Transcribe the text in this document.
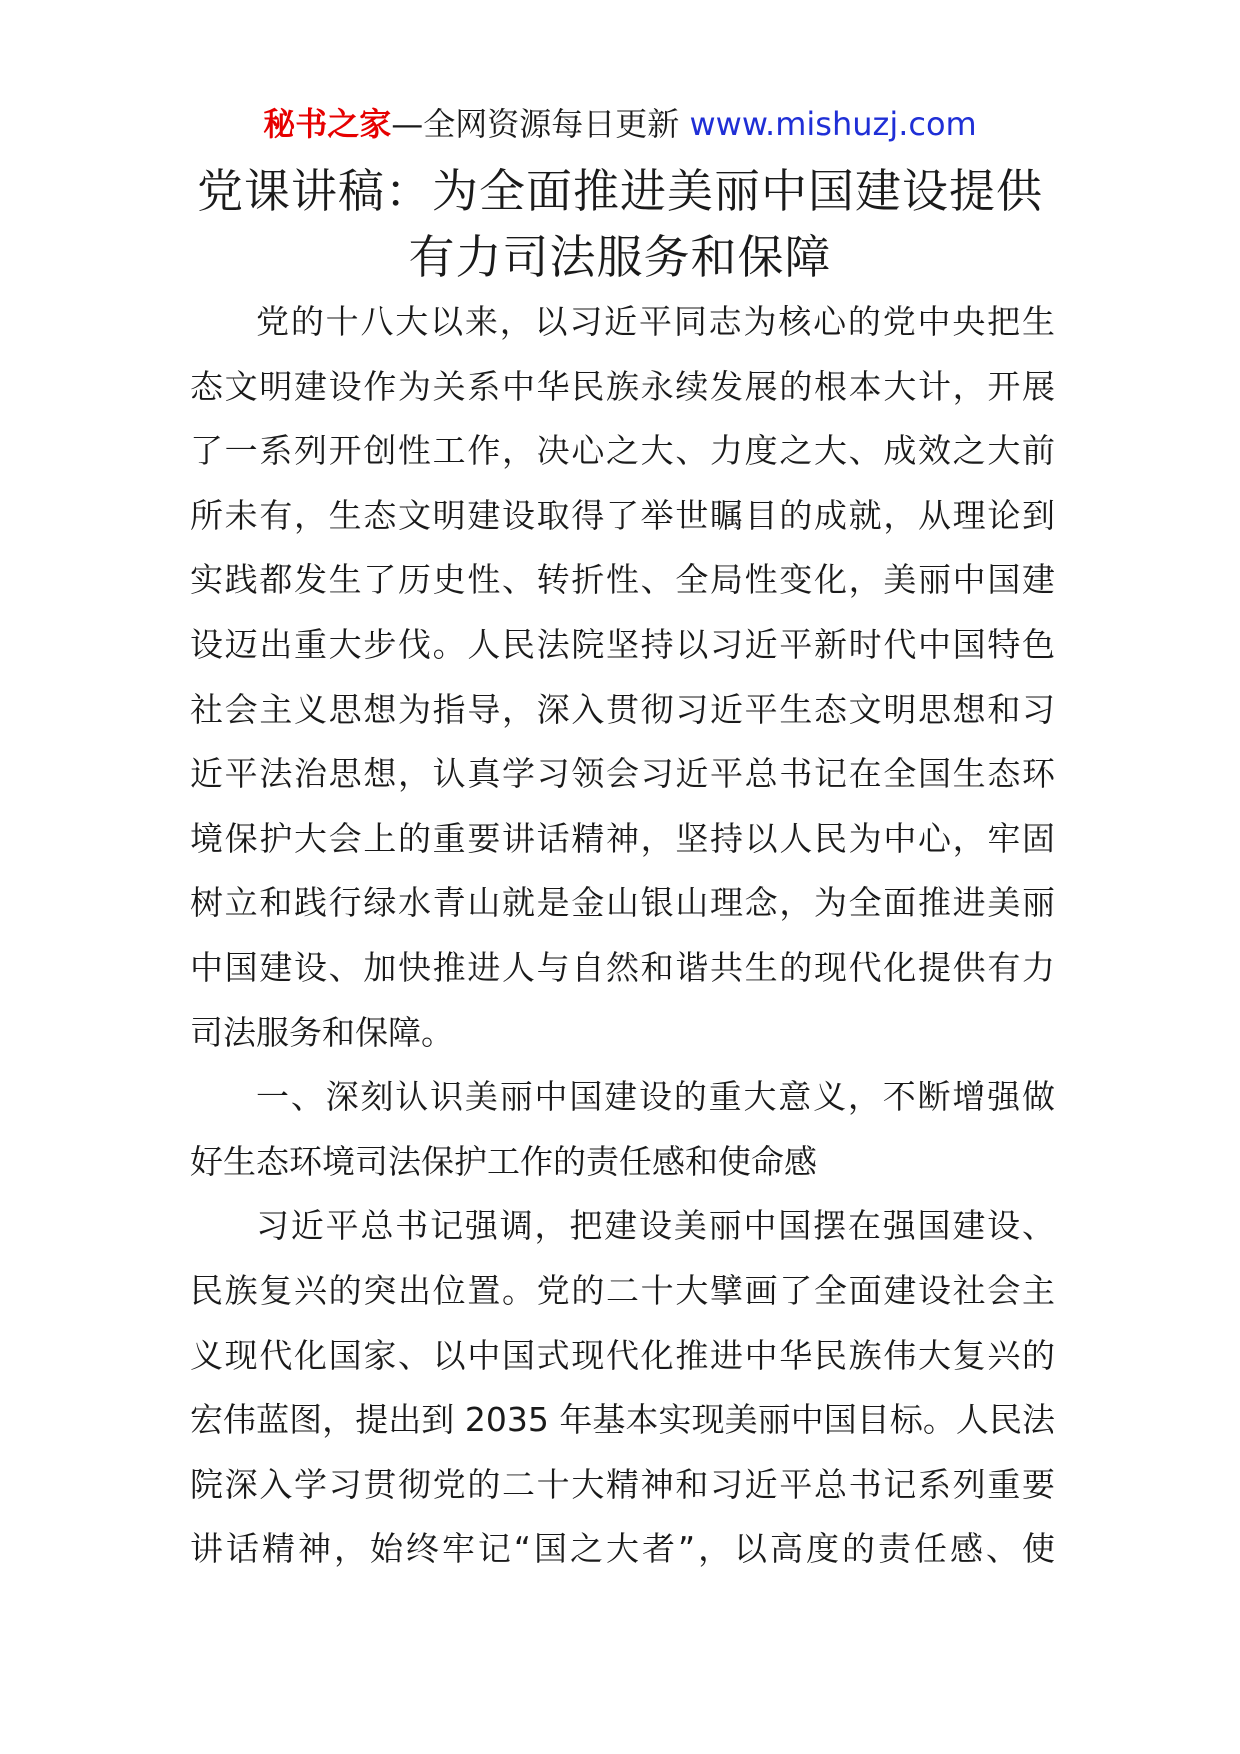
秘书之家—全网资源每日更新 www.mishuzj.com
党课讲稿：为全面推进美丽中国建设提供
有力司法服务和保障
党的十八大以来，以习近平同志为核心的党中央把生
态文明建设作为关系中华民族永续发展的根本大计，开展
了一系列开创性工作，决心之大、力度之大、成效之大前
所未有，生态文明建设取得了举世瞩目的成就，从理论到
实践都发生了历史性、转折性、全局性变化，美丽中国建
设迈出重大步伐。人民法院坚持以习近平新时代中国特色
社会主义思想为指导，深入贯彻习近平生态文明思想和习
近平法治思想，认真学习领会习近平总书记在全国生态环
境保护大会上的重要讲话精神，坚持以人民为中心，牢固
树立和践行绿水青山就是金山银山理念，为全面推进美丽
中国建设、加快推进人与自然和谐共生的现代化提供有力
司法服务和保障。
一、深刻认识美丽中国建设的重大意义，不断增强做
好生态环境司法保护工作的责任感和使命感
习近平总书记强调，把建设美丽中国摆在强国建设、
民族复兴的突出位置。党的二十大擘画了全面建设社会主
义现代化国家、以中国式现代化推进中华民族伟大复兴的
宏伟蓝图，提出到 2035 年基本实现美丽中国目标。人民法
院深入学习贯彻党的二十大精神和习近平总书记系列重要
讲话精神，始终牢记“国之大者”，以高度的责任感、使
